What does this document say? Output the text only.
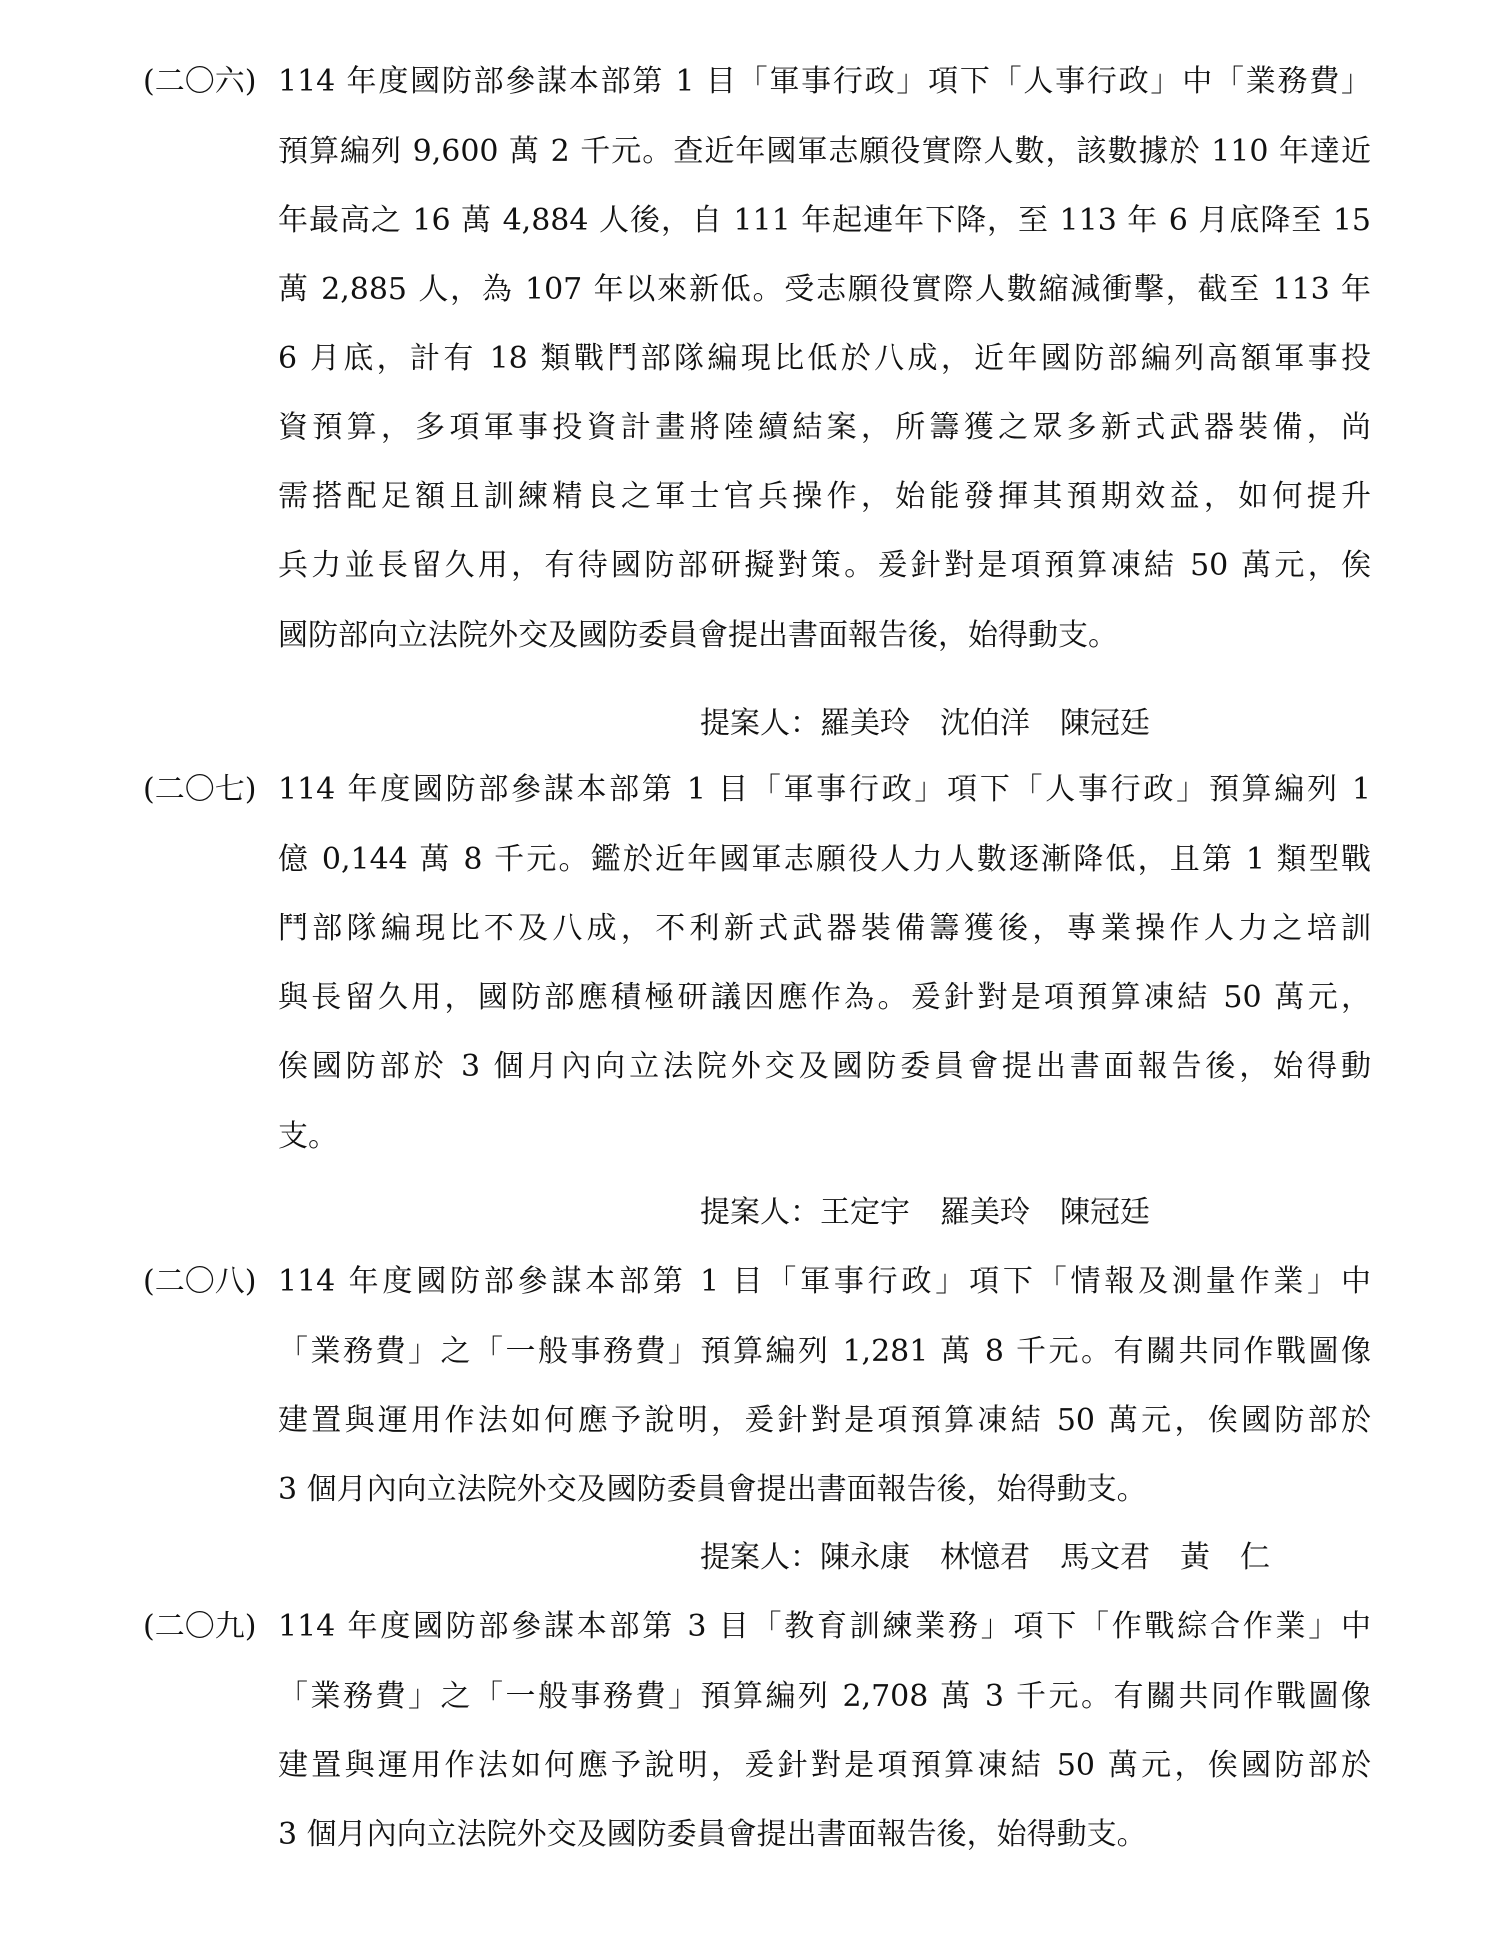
(二〇六) 114 年度國防部參謀本部第 1 目「軍事行政」項下「人事行政」中「業務費」
預算編列 9,600 萬 2 千元。查近年國軍志願役實際人數，該數據於 110 年達近
年最高之 16 萬 4,884 人後，自 111 年起連年下降，至 113 年 6 月底降至 15
萬 2,885 人，為 107 年以來新低。受志願役實際人數縮減衝擊，截至 113 年
6 月底，計有 18 類戰鬥部隊編現比低於八成，近年國防部編列高額軍事投
資預算，多項軍事投資計畫將陸續結案，所籌獲之眾多新式武器裝備，尚
需搭配足額且訓練精良之軍士官兵操作，始能發揮其預期效益，如何提升
兵力並長留久用，有待國防部研擬對策。爰針對是項預算凍結 50 萬元，俟
國防部向立法院外交及國防委員會提出書面報告後，始得動支。
提案人：羅美玲　沈伯洋　陳冠廷
(二〇七) 114 年度國防部參謀本部第 1 目「軍事行政」項下「人事行政」預算編列 1
億 0,144 萬 8 千元。鑑於近年國軍志願役人力人數逐漸降低，且第 1 類型戰
鬥部隊編現比不及八成，不利新式武器裝備籌獲後，專業操作人力之培訓
與長留久用，國防部應積極研議因應作為。爰針對是項預算凍結 50 萬元，
俟國防部於 3 個月內向立法院外交及國防委員會提出書面報告後，始得動
支。
提案人：王定宇　羅美玲　陳冠廷
(二〇八) 114 年度國防部參謀本部第 1 目「軍事行政」項下「情報及測量作業」中
「業務費」之「一般事務費」預算編列 1,281 萬 8 千元。有關共同作戰圖像
建置與運用作法如何應予說明，爰針對是項預算凍結 50 萬元，俟國防部於
3 個月內向立法院外交及國防委員會提出書面報告後，始得動支。
提案人：陳永康　林憶君　馬文君　黃　仁
(二〇九) 114 年度國防部參謀本部第 3 目「教育訓練業務」項下「作戰綜合作業」中
「業務費」之「一般事務費」預算編列 2,708 萬 3 千元。有關共同作戰圖像
建置與運用作法如何應予說明，爰針對是項預算凍結 50 萬元，俟國防部於
3 個月內向立法院外交及國防委員會提出書面報告後，始得動支。
